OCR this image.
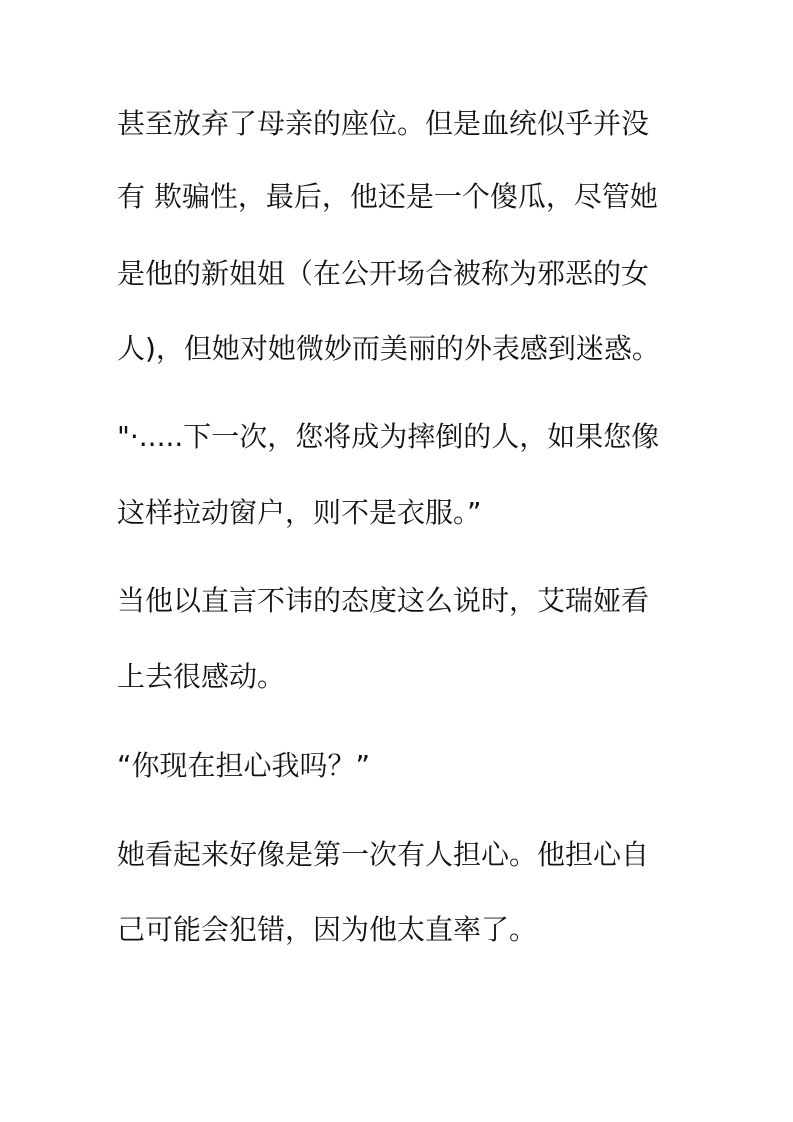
甚至放弃了母亲的座位。但是血统似乎并没
有 欺骗性，最后，他还是一个傻瓜，尽管她
是他的新姐姐（在公开场合被称为邪恶的女
人)，但她对她微妙而美丽的外表感到迷惑。
"·.....下一次，您将成为摔倒的人，如果您像
这样拉动窗户，则不是衣服。”
当他以直言不讳的态度这么说时，艾瑞娅看
上去很感动。
“你现在担心我吗？”
她看起来好像是第一次有人担心。他担心自
己可能会犯错，因为他太直率了。
